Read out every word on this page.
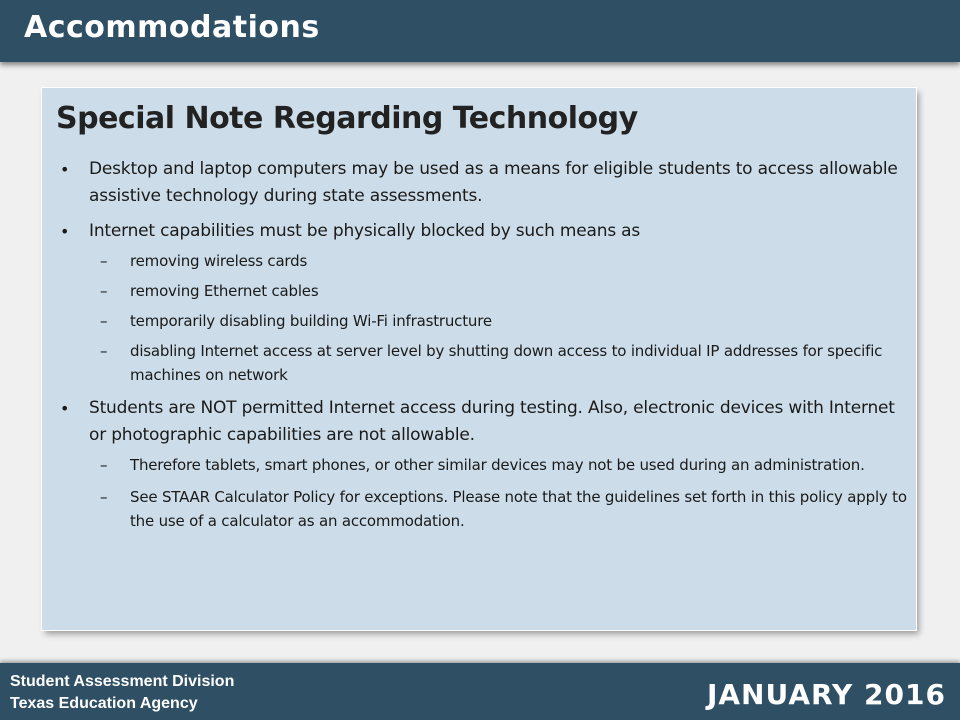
Accommodations
Special Note Regarding Technology
• Desktop and laptop computers may be used as a means for eligible students to access allowable assistive technology during state assessments.
• Internet capabilities must be physically blocked by such means as
– removing wireless cards
– removing Ethernet cables
– temporarily disabling building Wi-Fi infrastructure
– disabling Internet access at server level by shutting down access to individual IP addresses for specific machines on network
• Students are NOT permitted Internet access during testing. Also, electronic devices with Internet or photographic capabilities are not allowable.
– Therefore tablets, smart phones, or other similar devices may not be used during an administration.
– See STAAR Calculator Policy for exceptions. Please note that the guidelines set forth in this policy apply to the use of a calculator as an accommodation.
Student Assessment Division
Texas Education Agency	JANUARY 2016
